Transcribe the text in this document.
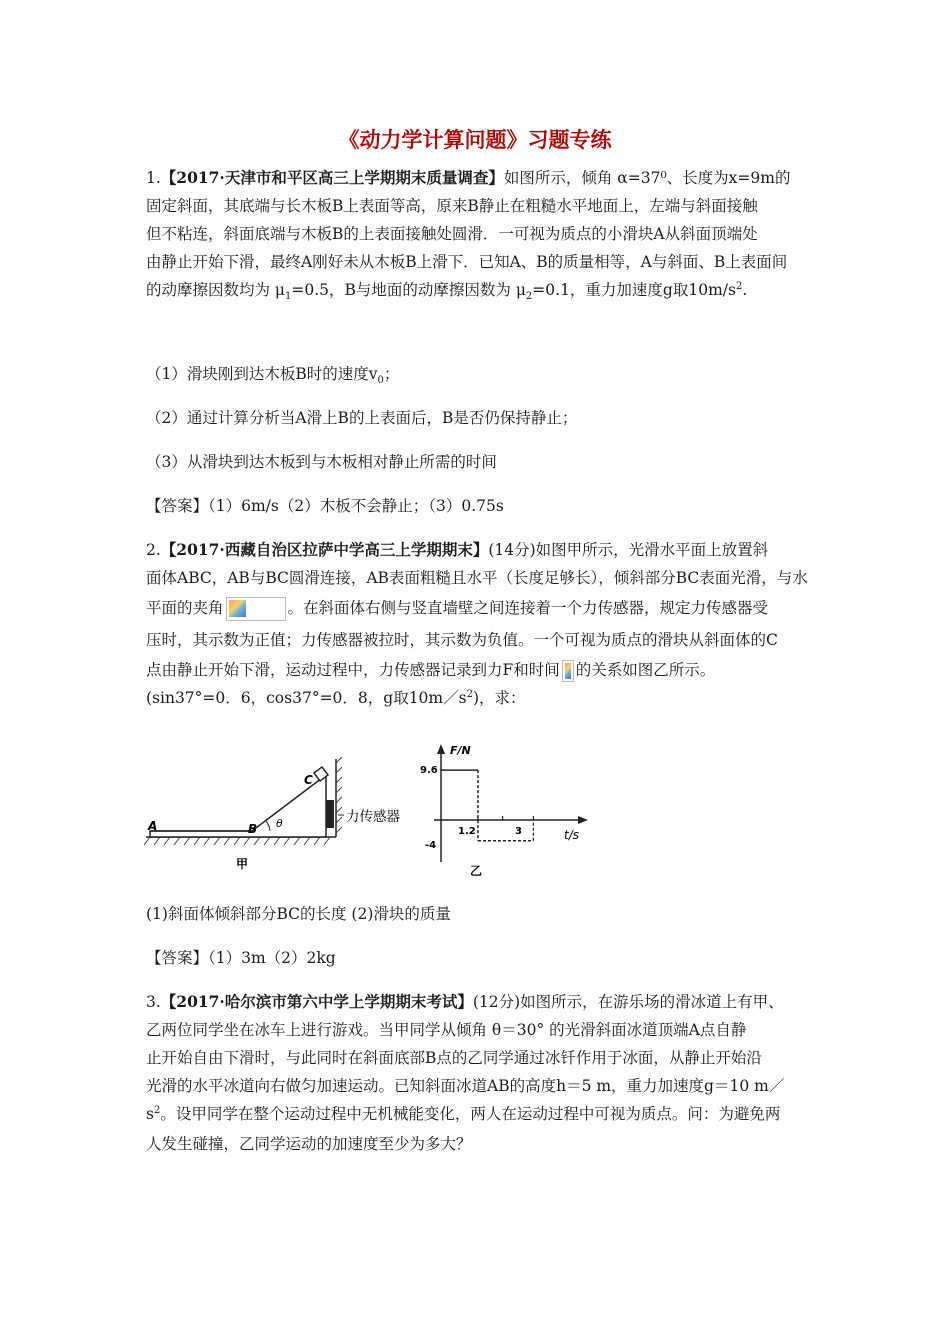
《动力学计算问题》习题专练
1.【2017·天津市和平区高三上学期期末质量调查】如图所示，倾角 α=37⁰、长度为x=9m的
固定斜面，其底端与长木板B上表面等高，原来B静止在粗糙水平地面上，左端与斜面接触
但不粘连，斜面底端与木板B的上表面接触处圆滑．一可视为质点的小滑块A从斜面顶端处
由静止开始下滑，最终A刚好未从木板B上滑下．已知A、B的质量相等，A与斜面、B上表面间
的动摩擦因数均为 $\mu_1=0.5$，B与地面的动摩擦因数为 $\mu_2=0.1$，重力加速度g取$10m/s^2$.
（1）滑块刚到达木板B时的速度$v_0$；
（2）通过计算分析当A滑上B的上表面后，B是否仍保持静止；
（3）从滑块到达木板到与木板相对静止所需的时间
【答案】（1）6m/s（2）木板不会静止；（3）0.75s
2.【2017·西藏自治区拉萨中学高三上学期期末】(14分)如图甲所示，光滑水平面上放置斜
面体ABC，AB与BC圆滑连接，AB表面粗糙且水平（长度足够长），倾斜部分BC表面光滑，与水
平面的夹角	。在斜面体右侧与竖直墙壁之间连接着一个力传感器，规定力传感器受
压时，其示数为正值；力传感器被拉时，其示数为负值。一个可视为质点的滑块从斜面体的C
点由静止开始下滑，运动过程中，力传感器记录到力F和时间 的关系如图乙所示。
(sin37°=0．6，cos37°=0．8，g取$10m/s^2$)，求：
A	B
C
θ	力传感器
甲
F/N
t/s
9.6
-4
1.2	3
乙
(1)斜面体倾斜部分BC的长度 (2)滑块的质量
【答案】（1）3m（2）2kg
3.【2017·哈尔滨市第六中学上学期期末考试】(12分)如图所示，在游乐场的滑冰道上有甲、
乙两位同学坐在冰车上进行游戏。当甲同学从倾角 θ＝30° 的光滑斜面冰道顶端A点自静
止开始自由下滑时，与此同时在斜面底部B点的乙同学通过冰钎作用于冰面，从静止开始沿
光滑的水平冰道向右做匀加速运动。已知斜面冰道AB的高度h＝5 m，重力加速度g＝10 m／
$s^2$。设甲同学在整个运动过程中无机械能变化，两人在运动过程中可视为质点。问：为避免两
人发生碰撞，乙同学运动的加速度至少为多大？
